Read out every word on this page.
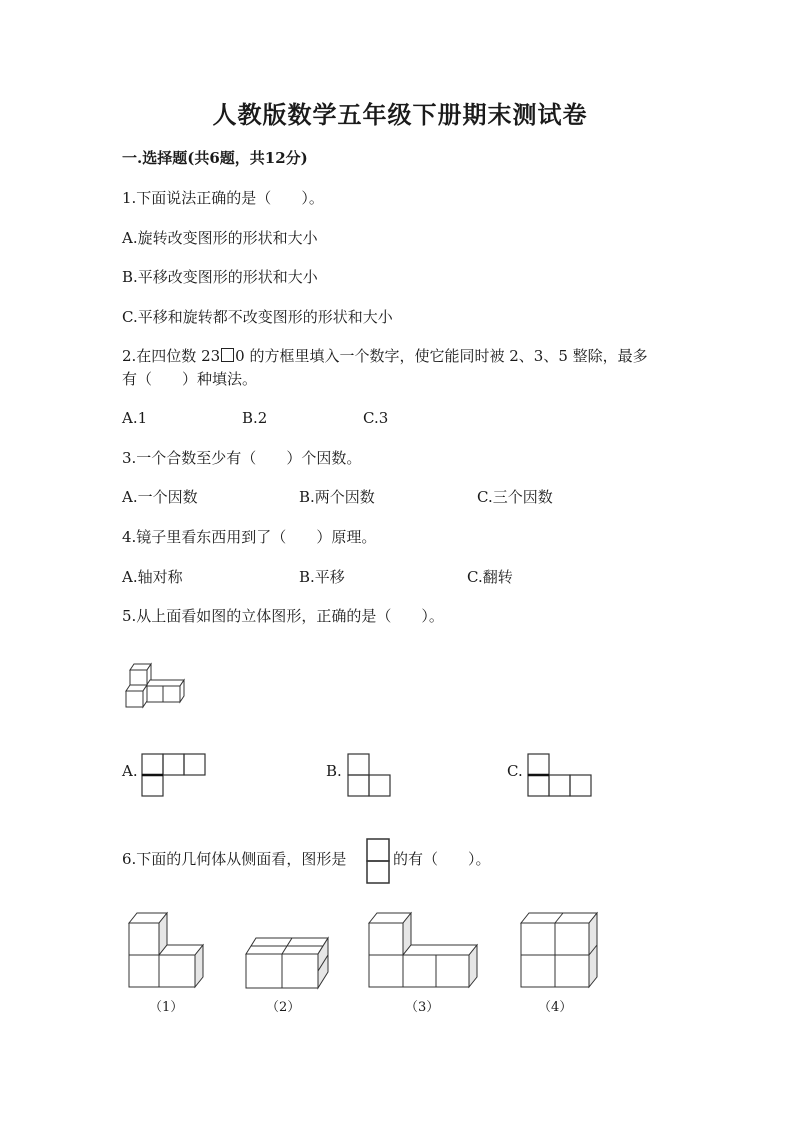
人教版数学五年级下册期末测试卷
一.选择题(共6题，共12分)
1.下面说法正确的是（　　）。
A.旋转改变图形的形状和大小
B.平移改变图形的形状和大小
C.平移和旋转都不改变图形的形状和大小
2.在四位数 23 0 的方框里填入一个数字，使它能同时被 2、3、5 整除，最多
有（　　）种填法。
A.1	B.2	C.3
3.一个合数至少有（　　）个因数。
A.一个因数	B.两个因数	C.三个因数
4.镜子里看东西用到了（　　）原理。
A.轴对称	B.平移	C.翻转
5.从上面看如图的立体图形，正确的是（　　）。
A.	B.	C.
6.下面的几何体从侧面看，图形是	的有（　　）。
（1）	（2）	（3）	（4）
